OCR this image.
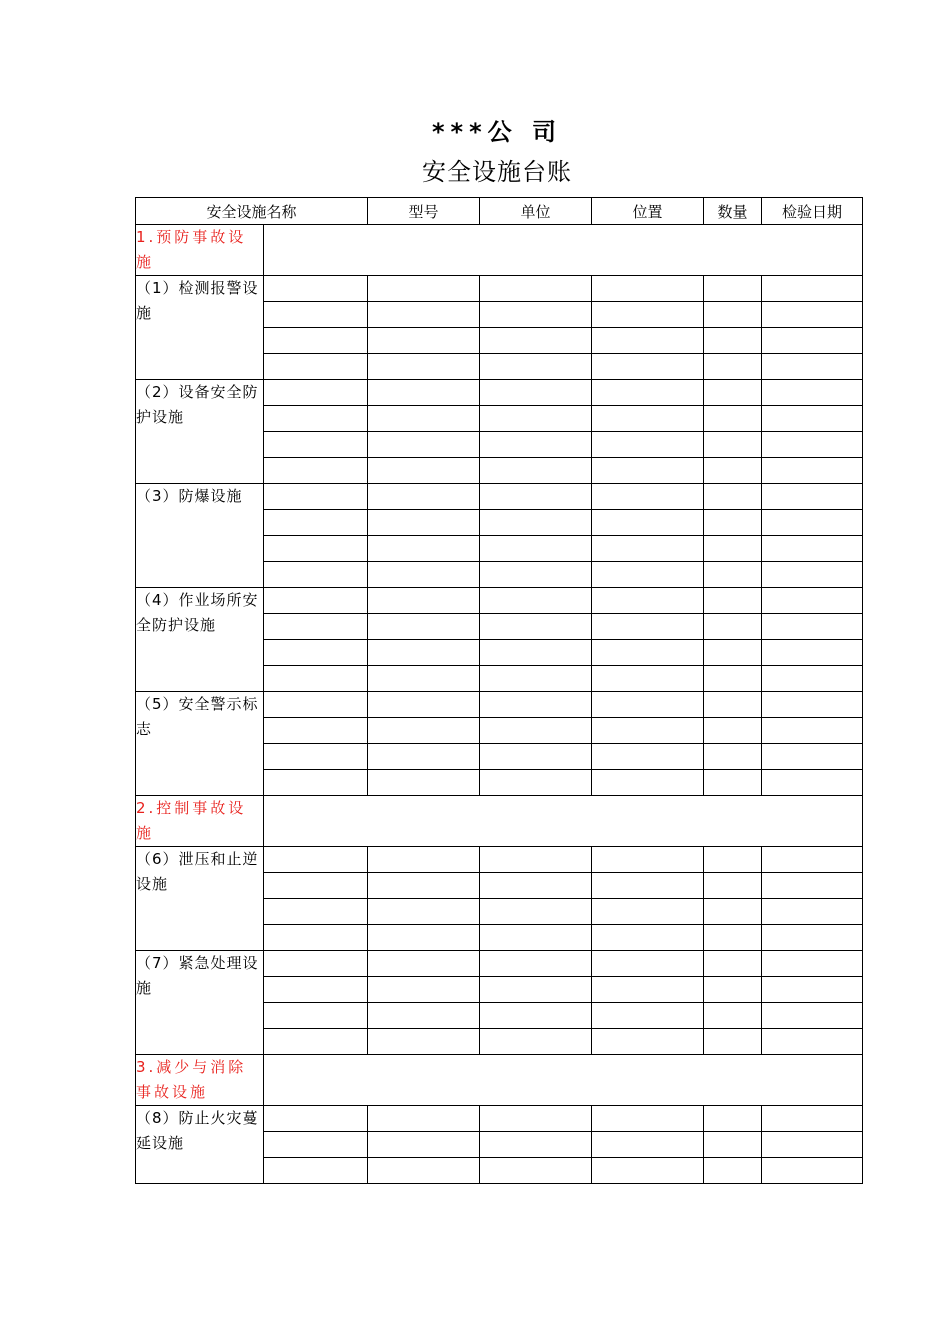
***公 司
安全设施台账
安全设施名称		型号	单位	位置	数量	检验日期
1.预防事故设施						
（1）检测报警设施						

（2）设备安全防护设施						

（3）防爆设施						

（4）作业场所安全防护设施						

（5）安全警示标志						

2.控制事故设施						
（6）泄压和止逆设施						

（7）紧急处理设施						

3.减少与消除事故设施						
（8）防止火灾蔓延设施						
